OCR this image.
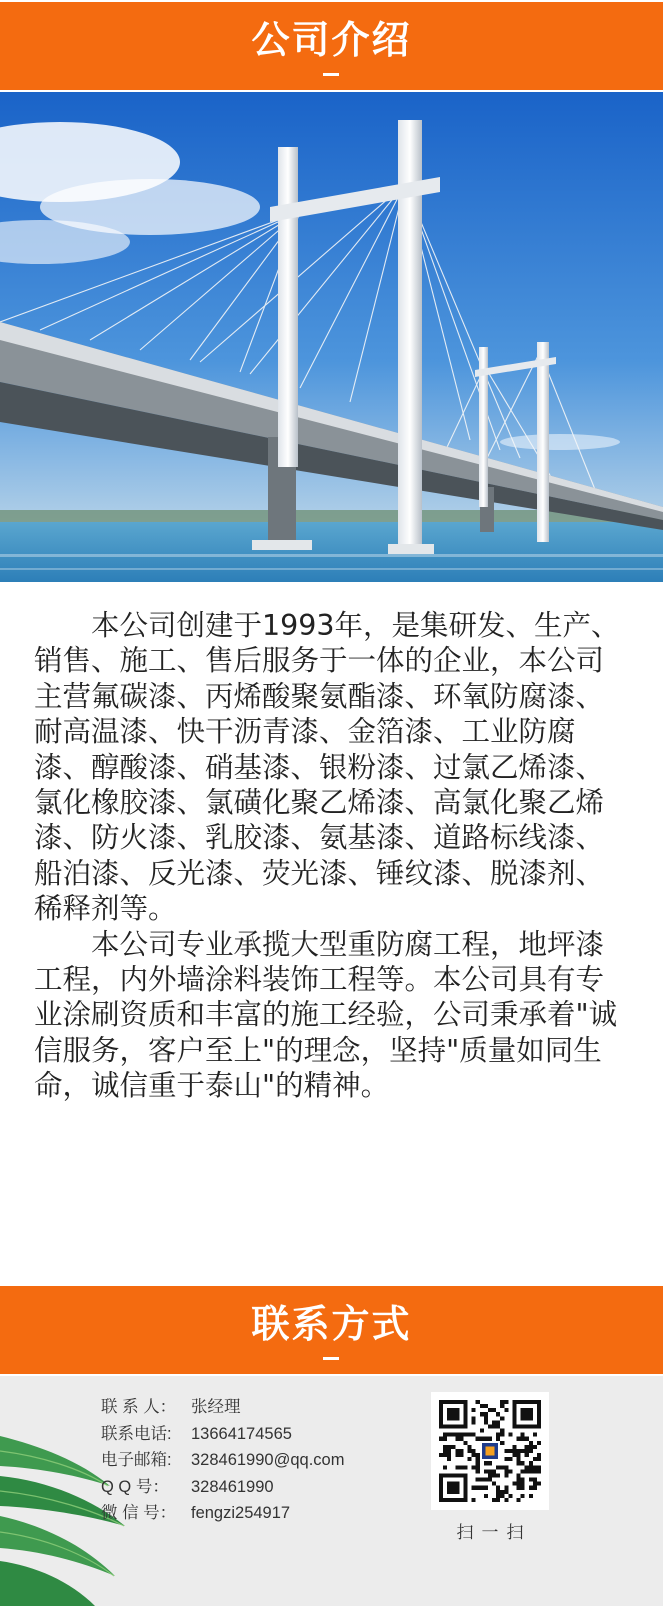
公司介绍

本公司创建于1993年，是集研发、生产、销售、施工、售后服务于一体的企业，本公司主营氟碳漆、丙烯酸聚氨酯漆、环氧防腐漆、耐高温漆、快干沥青漆、金箔漆、工业防腐漆、醇酸漆、硝基漆、银粉漆、过氯乙烯漆、氯化橡胶漆、氯磺化聚乙烯漆、高氯化聚乙烯漆、防火漆、乳胶漆、氨基漆、道路标线漆、船泊漆、反光漆、荧光漆、锤纹漆、脱漆剂、稀释剂等。

本公司专业承揽大型重防腐工程，地坪漆工程，内外墙涂料装饰工程等。本公司具有专业涂刷资质和丰富的施工经验，公司秉承着"诚信服务，客户至上"的理念，坚持"质量如同生命，诚信重于泰山"的精神。

联系方式
联 系 人： 张经理
联系电话:	13664174565
电子邮箱:	328461990@qq.com
Q Q 号：	328461990
微 信 号： fengzi254917
扫一扫
